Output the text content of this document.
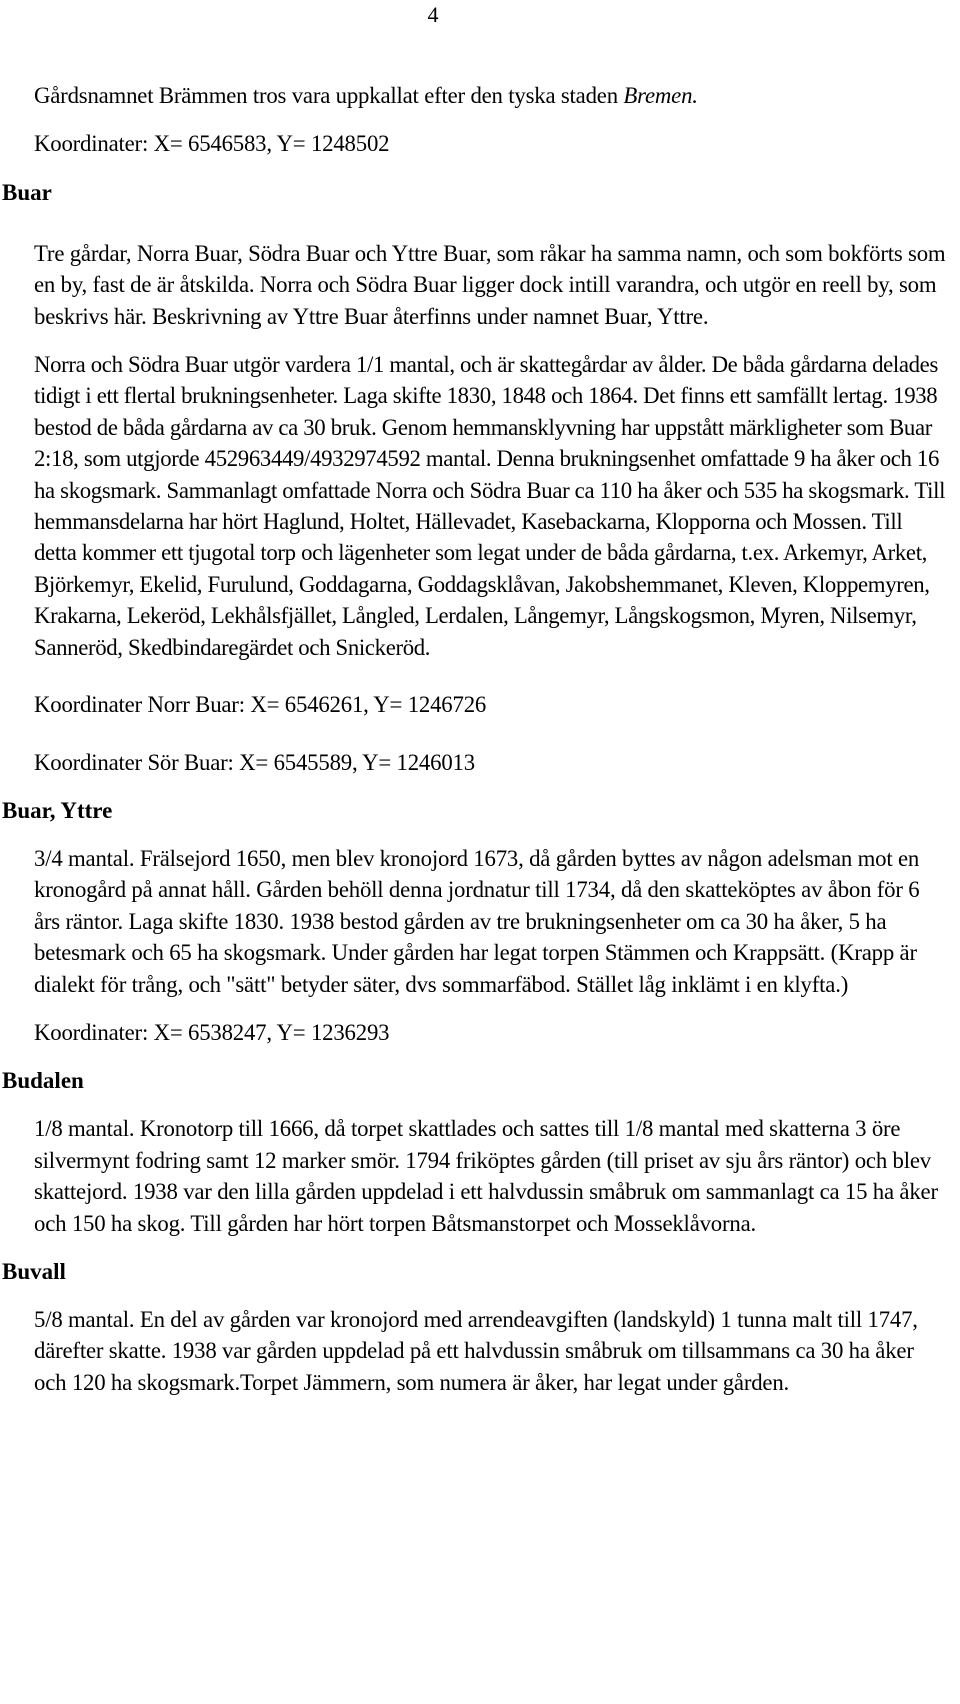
4

Gårdsnamnet Brämmen tros vara uppkallat efter den tyska staden Bremen.

Koordinater: X= 6546583, Y= 1248502

Buar

Tre gårdar, Norra Buar, Södra Buar och Yttre Buar, som råkar ha samma namn, och som bokförts som en by, fast de är åtskilda. Norra och Södra Buar ligger dock intill varandra, och utgör en reell by, som beskrivs här. Beskrivning av Yttre Buar återfinns under namnet Buar, Yttre.

Norra och Södra Buar utgör vardera 1/1 mantal, och är skattegårdar av ålder. De båda gårdarna delades tidigt i ett flertal brukningsenheter. Laga skifte 1830, 1848 och 1864. Det finns ett samfällt lertag. 1938 bestod de båda gårdarna av ca 30 bruk. Genom hemmansklyvning har uppstått märkligheter som Buar 2:18, som utgjorde 452963449/4932974592 mantal. Denna brukningsenhet omfattade 9 ha åker och 16 ha skogsmark. Sammanlagt omfattade Norra och Södra Buar ca 110 ha åker och 535 ha skogsmark. Till hemmansdelarna har hört Haglund, Holtet, Hällevadet, Kasebackarna, Klopporna och Mossen. Till detta kommer ett tjugotal torp och lägenheter som legat under de båda gårdarna, t.ex. Arkemyr, Arket, Björkemyr, Ekelid, Furulund, Goddagarna, Goddagsklåvan, Jakobshemmanet, Kleven, Kloppemyren, Krakarna, Lekeröd, Lekhålsfjället, Långled, Lerdalen, Långemyr, Långskogsmon, Myren, Nilsemyr, Sanneröd, Skedbindaregärdet och Snickeröd.

Koordinater Norr Buar: X= 6546261, Y= 1246726

Koordinater Sör Buar: X= 6545589, Y= 1246013

Buar, Yttre

3/4 mantal. Frälsejord 1650, men blev kronojord 1673, då gården byttes av någon adelsman mot en kronogård på annat håll. Gården behöll denna jordnatur till 1734, då den skatteköptes av åbon för 6 års räntor. Laga skifte 1830. 1938 bestod gården av tre brukningsenheter om ca 30 ha åker, 5 ha betesmark och 65 ha skogsmark. Under gården har legat torpen Stämmen och Krappsätt. (Krapp är dialekt för trång, och "sätt" betyder säter, dvs sommarfäbod. Stället låg inklämt i en klyfta.)

Koordinater: X= 6538247, Y= 1236293

Budalen

1/8 mantal. Kronotorp till 1666, då torpet skattlades och sattes till 1/8 mantal med skatterna 3 öre silvermynt fodring samt 12 marker smör. 1794 friköptes gården (till priset av sju års räntor) och blev skattejord. 1938 var den lilla gården uppdelad i ett halvdussin småbruk om sammanlagt ca 15 ha åker och 150 ha skog. Till gården har hört torpen Båtsmanstorpet och Mosseklåvorna.

Buvall

5/8 mantal. En del av gården var kronojord med arrendeavgiften (landskyld) 1 tunna malt till 1747, därefter skatte. 1938 var gården uppdelad på ett halvdussin småbruk om tillsammans ca 30 ha åker och 120 ha skogsmark.Torpet Jämmern, som numera är åker, har legat under gården.
